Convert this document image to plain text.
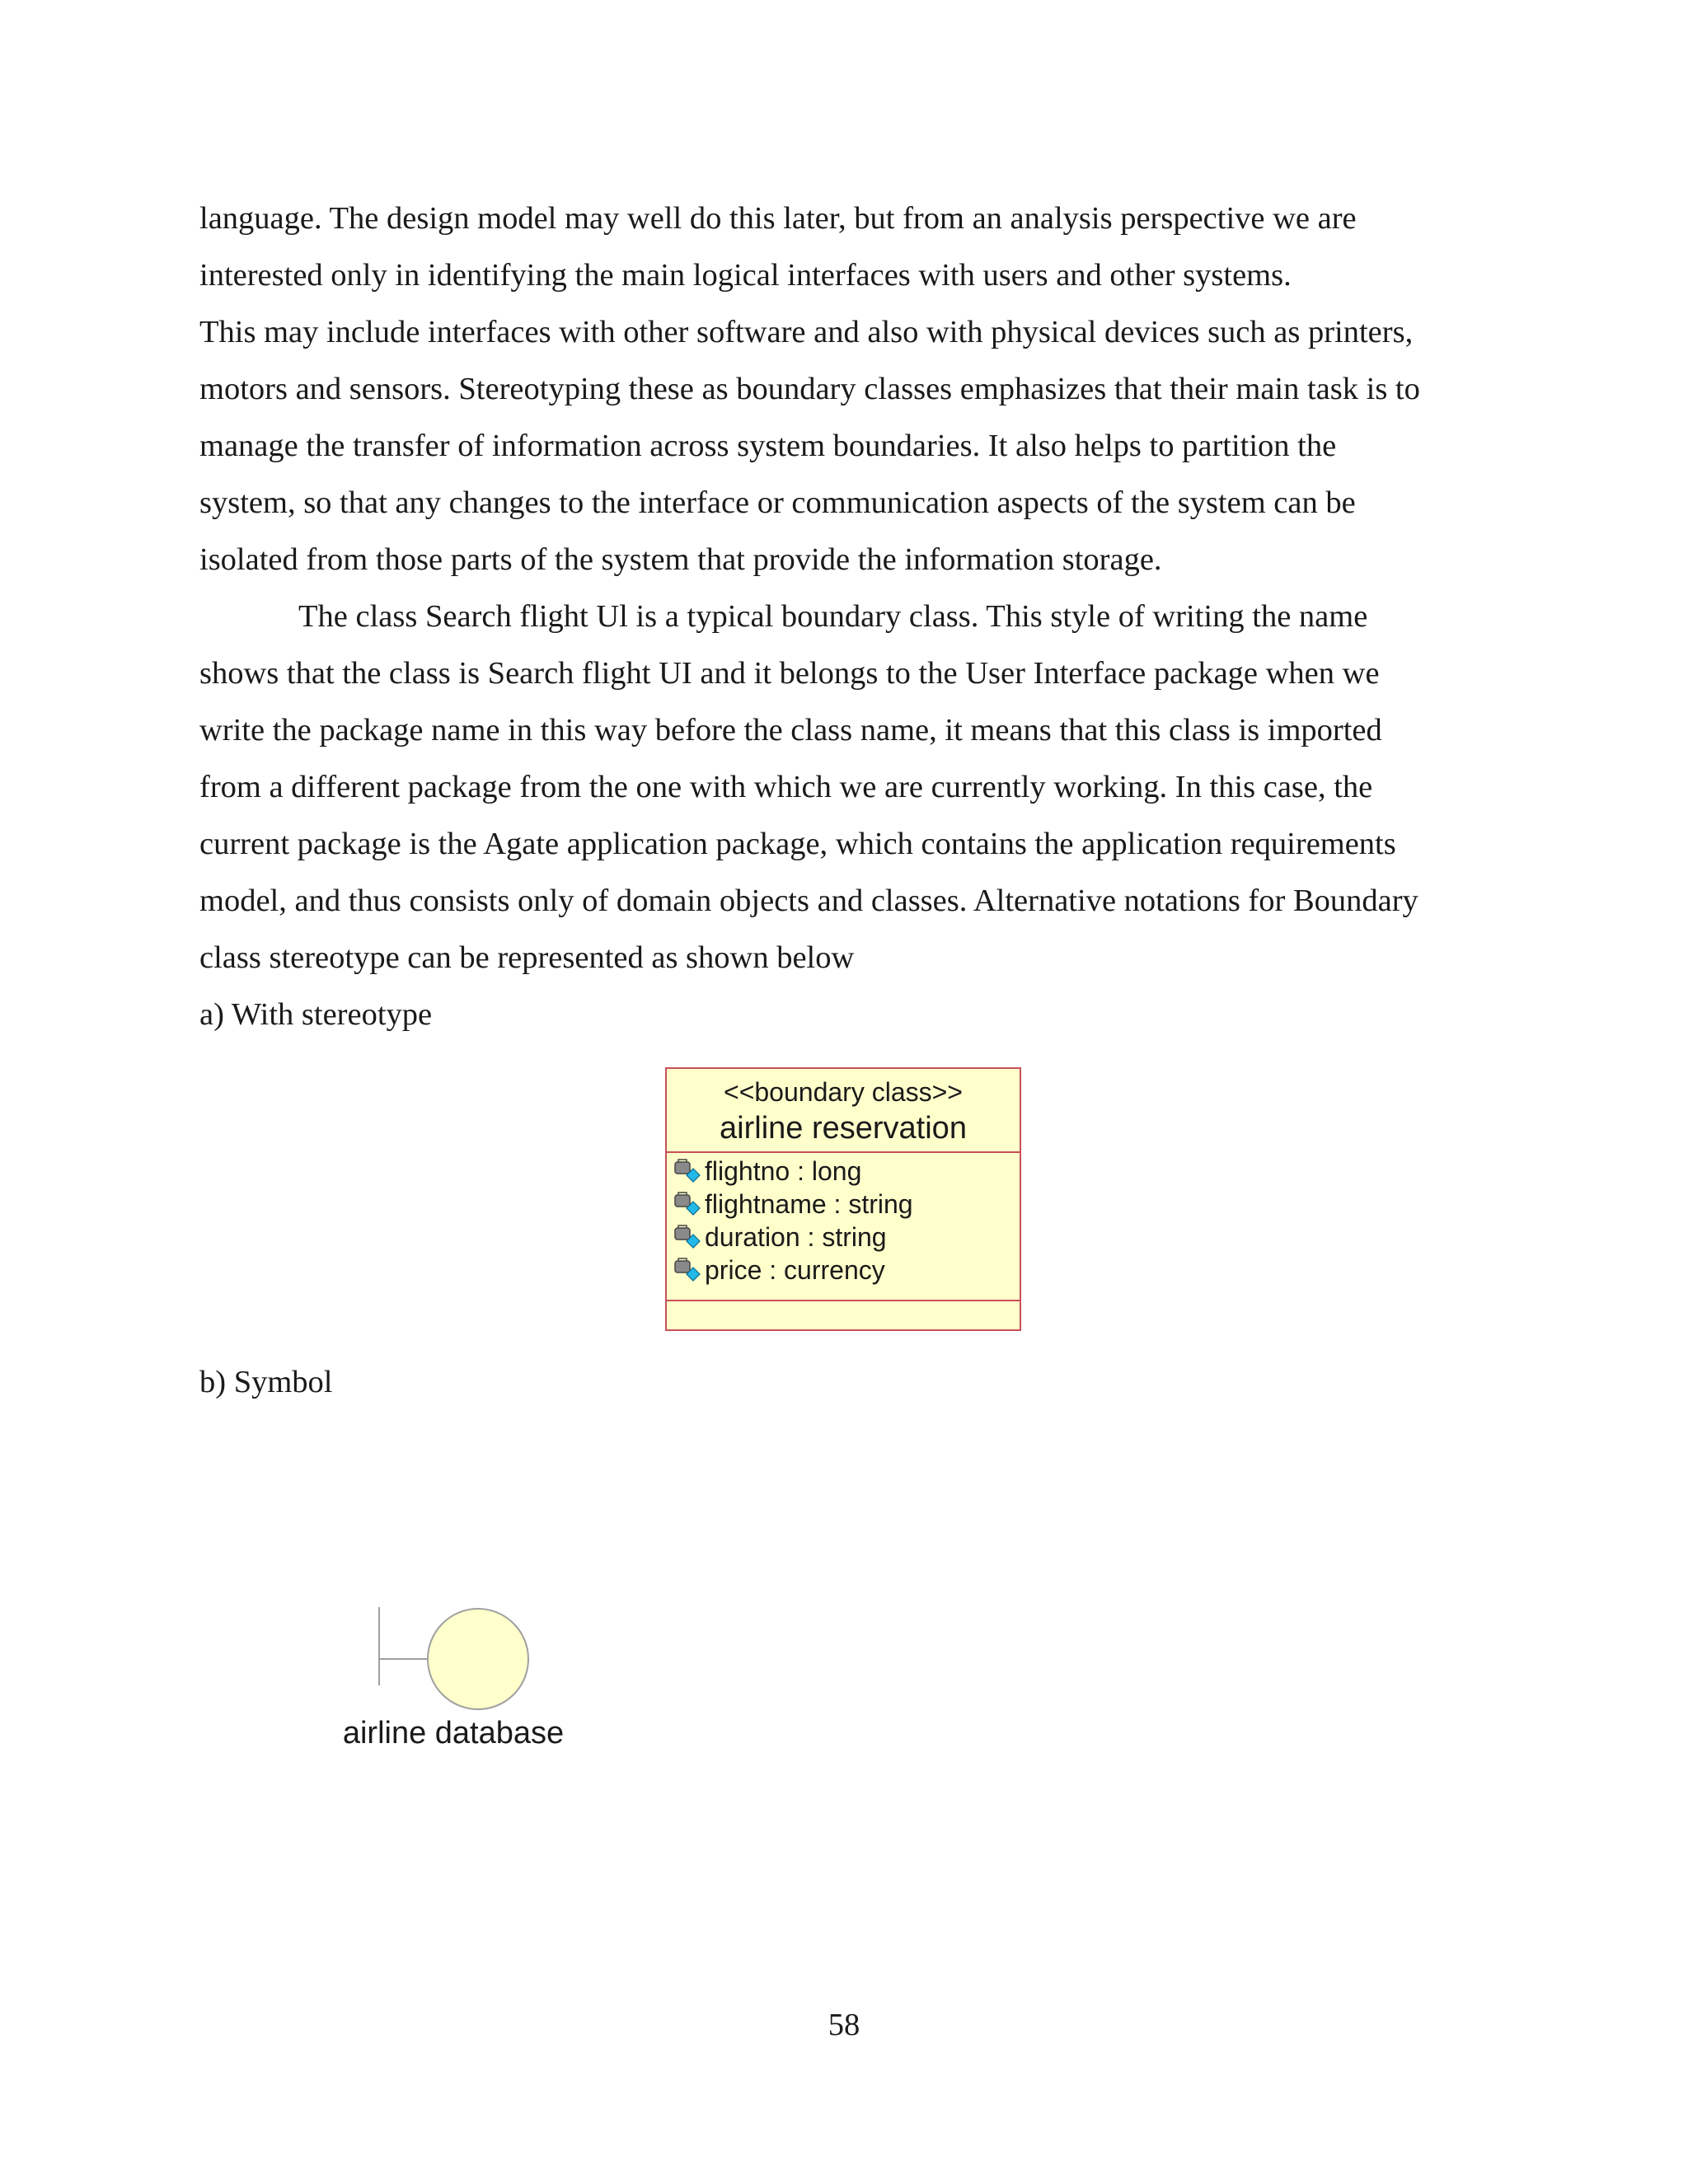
language. The design model may well do this later, but from an analysis perspective we are
interested only in identifying the main logical interfaces with users and other systems.
This may include interfaces with other software and also with physical devices such as printers,
motors and sensors. Stereotyping these as boundary classes emphasizes that their main task is to
manage the transfer of information across system boundaries. It also helps to partition the
system, so that any changes to the interface or communication aspects of the system can be
isolated from those parts of the system that provide the information storage.
The class Search flight Ul is a typical boundary class. This style of writing the name
shows that the class is Search flight UI and it belongs to the User Interface package when we
write the package name in this way before the class name, it means that this class is imported
from a different package from the one with which we are currently working. In this case, the
current package is the Agate application package, which contains the application requirements
model, and thus consists only of domain objects and classes. Alternative notations for Boundary
class stereotype can be represented as shown below
a) With stereotype
b) Symbol
<<boundary class>>
airline reservation
flightno : long
flightname : string
duration : string
price : currency
airline database
58
